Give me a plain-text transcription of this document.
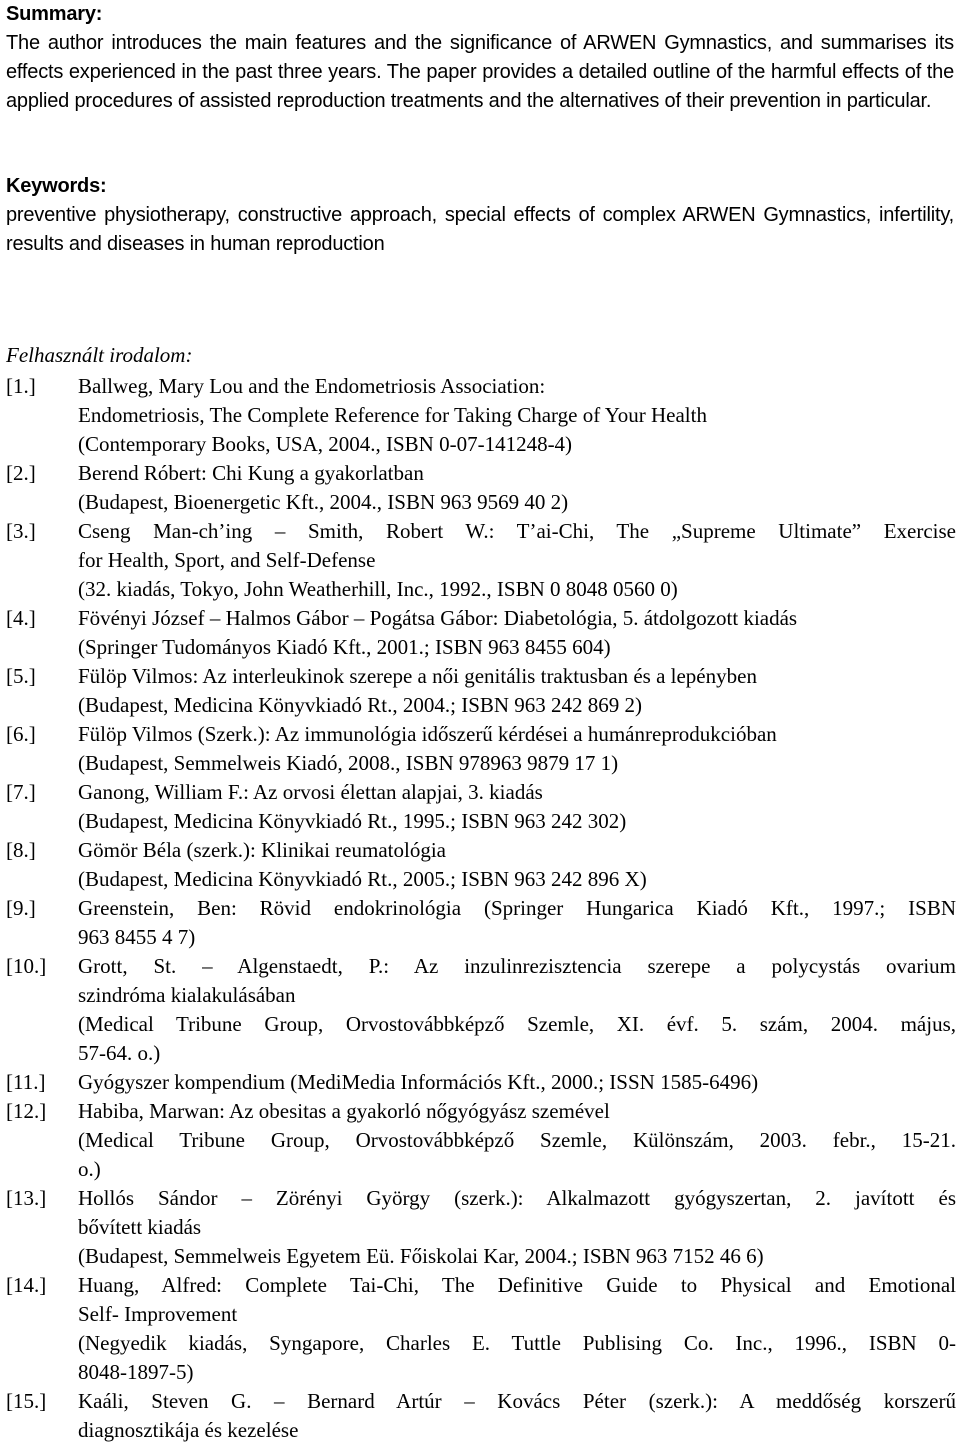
Summary:

The author introduces the main features and the significance of ARWEN Gymnastics, and summarises its effects experienced in the past three years. The paper provides a detailed outline of the harmful effects of the applied procedures of assisted reproduction treatments and the alternatives of their prevention in particular.

Keywords:

preventive physiotherapy, constructive approach, special effects of complex ARWEN Gymnastics, infertility, results and diseases in human reproduction

Felhasznált irodalom:

[1.]	Ballweg, Mary Lou and the Endometriosis Association:
Endometriosis, The Complete Reference for Taking Charge of Your Health
(Contemporary Books, USA, 2004., ISBN 0-07-141248-4)
[2.]	Berend Róbert: Chi Kung a gyakorlatban
(Budapest, Bioenergetic Kft., 2004., ISBN 963 9569 40 2)
[3.]	Cseng Man-ch’ing – Smith, Robert W.: T’ai-Chi, The „Supreme Ultimate” Exercise
for Health, Sport, and Self-Defense
(32. kiadás, Tokyo, John Weatherhill, Inc., 1992., ISBN 0 8048 0560 0)
[4.]	Fövényi József – Halmos Gábor – Pogátsa Gábor: Diabetológia, 5. átdolgozott kiadás
(Springer Tudományos Kiadó Kft., 2001.; ISBN 963 8455 604)
[5.]	Fülöp Vilmos: Az interleukinok szerepe a női genitális traktusban és a lepényben
(Budapest, Medicina Könyvkiadó Rt., 2004.; ISBN 963 242 869 2)
[6.]	Fülöp Vilmos (Szerk.): Az immunológia időszerű kérdései a humánreprodukcióban
(Budapest, Semmelweis Kiadó, 2008., ISBN 978963 9879 17 1)
[7.]	Ganong, William F.: Az orvosi élettan alapjai, 3. kiadás
(Budapest, Medicina Könyvkiadó Rt., 1995.; ISBN 963 242 302)
[8.]	Gömör Béla (szerk.): Klinikai reumatológia
(Budapest, Medicina Könyvkiadó Rt., 2005.; ISBN 963 242 896 X)
[9.]	Greenstein, Ben: Rövid endokrinológia (Springer Hungarica Kiadó Kft., 1997.; ISBN
963 8455 4 7)
[10.]	Grott, St. – Algenstaedt, P.: Az inzulinrezisztencia szerepe a polycystás ovarium
szindróma kialakulásában
(Medical Tribune Group, Orvostovábbképző Szemle, XI. évf. 5. szám, 2004. május,
57-64. o.)
[11.]	Gyógyszer kompendium (MediMedia Információs Kft., 2000.; ISSN 1585-6496)
[12.]	Habiba, Marwan: Az obesitas a gyakorló nőgyógyász szemével
(Medical Tribune Group, Orvostovábbképző Szemle, Különszám, 2003. febr., 15-21.
o.)
[13.]	Hollós Sándor – Zörényi György (szerk.): Alkalmazott gyógyszertan, 2. javított és
bővített kiadás
(Budapest, Semmelweis Egyetem Eü. Főiskolai Kar, 2004.; ISBN 963 7152 46 6)
[14.]	Huang, Alfred: Complete Tai-Chi, The Definitive Guide to Physical and Emotional
Self- Improvement
(Negyedik kiadás, Syngapore, Charles E. Tuttle Publising Co. Inc., 1996., ISBN 0-
8048-1897-5)
[15.]	Kaáli, Steven G. – Bernard Artúr – Kovács Péter (szerk.): A meddőség korszerű
diagnosztikája és kezelése
